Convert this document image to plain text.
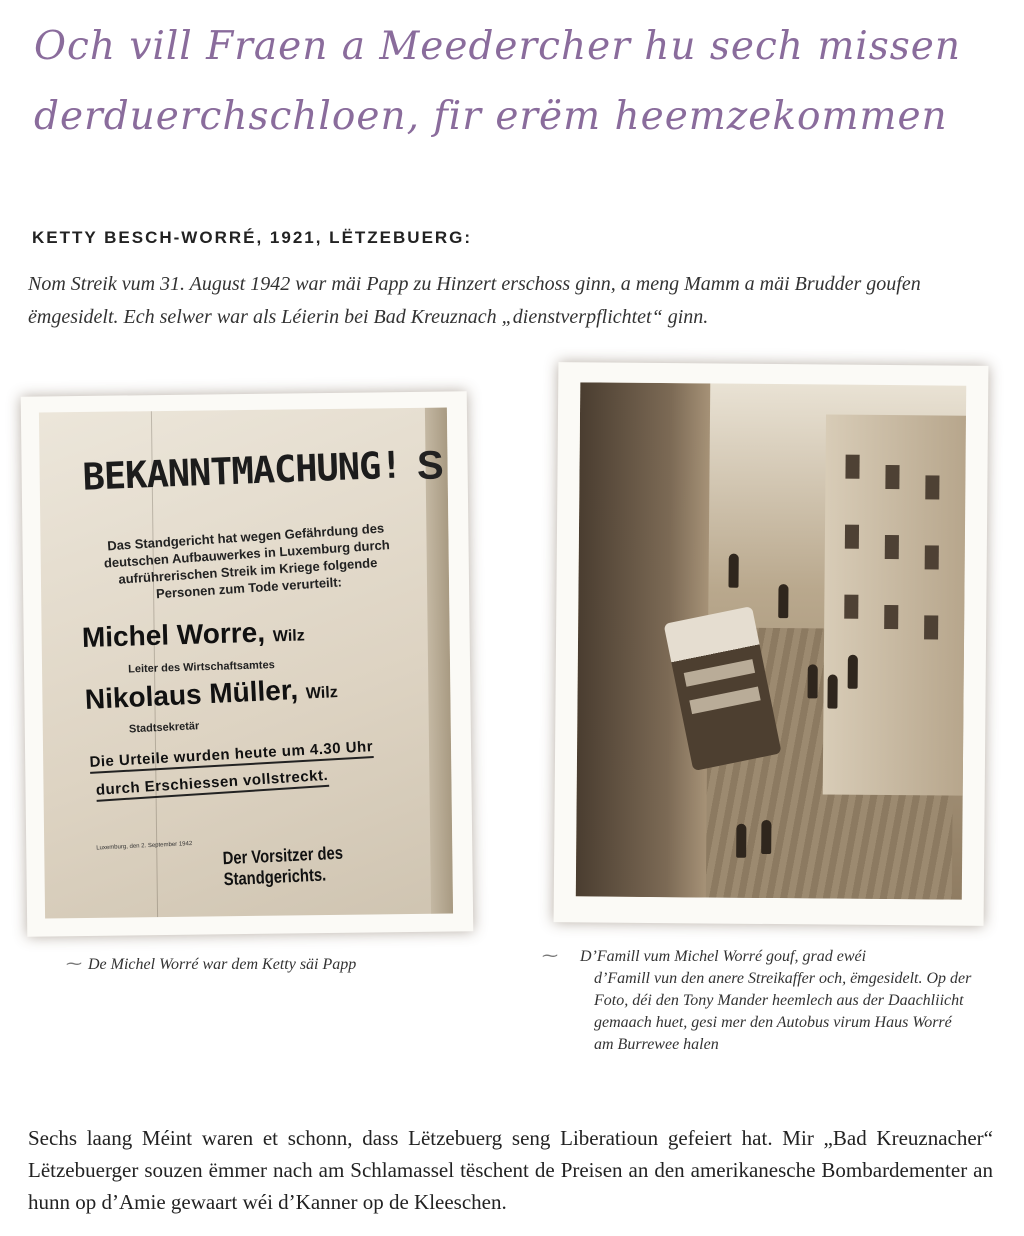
Och vill Fraen a Meedercher hu sech missen
derduerchschloen, fir erëm heemzekommen

KETTY BESCH-WORRÉ, 1921, LËTZEBUERG:

Nom Streik vum 31. August 1942 war mäi Papp zu Hinzert erschoss ginn, a meng Mamm a mäi Brudder goufen ëmgesidelt. Ech selwer war als Léierin bei Bad Kreuznach „dienstverpflichtet“ ginn.

S
BEKANNTMACHUNG!
Das Standgericht hat wegen Gefährdung des deutschen Aufbauwerkes in Luxemburg durch aufrührerischen Streik im Kriege folgende Personen zum Tode verurteilt:
Michel Worre, Wilz
Leiter des Wirtschaftsamtes
Nikolaus Müller, Wilz
Stadtsekretär
Die Urteile wurden heute um 4.30 Uhr
durch Erschiessen vollstreckt.
Luxemburg, den 2. September 1942 Der Vorsitzer des Standgerichts.
⁓ De Michel Worré war dem Ketty säi Papp	⁓ D’Famill vum Michel Worré gouf, grad ewéi
d’Famill vun den anere Streikaffer och, ëmgesidelt. Op der Foto, déi den Tony Mander heemlech aus der Daachliicht gemaach huet, gesi mer den Autobus virum Haus Worré am Burrewee halen

Sechs laang Méint waren et schonn, dass Lëtzebuerg seng Liberatioun gefeiert hat. Mir „Bad Kreuznacher“ Lëtzebuerger souzen ëmmer nach am Schlamassel tëschent de Preisen an den amerikanesche Bombardementer an hunn op d’Amie gewaart wéi d’Kanner op de Kleeschen.
